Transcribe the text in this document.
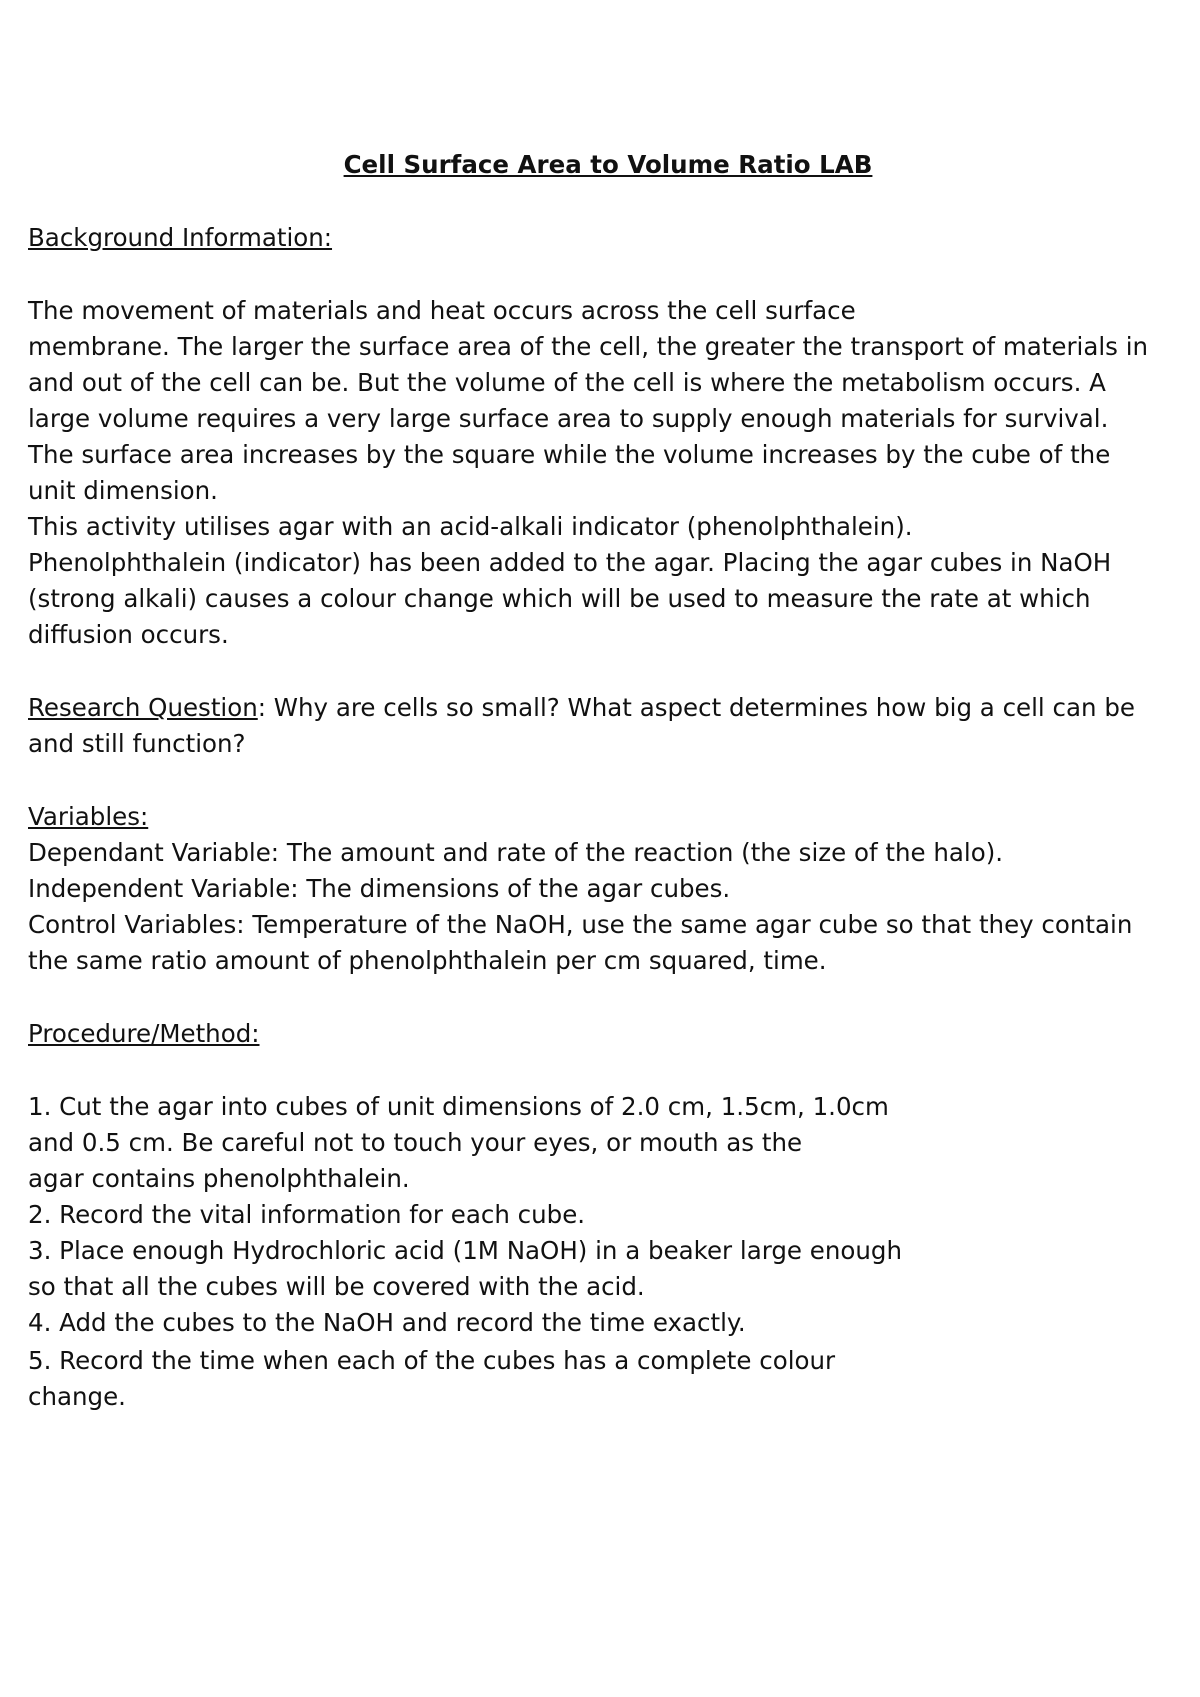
Cell Surface Area to Volume Ratio LAB

Background Information:

The movement of materials and heat occurs across the cell surface

membrane. The larger the surface area of the cell, the greater the transport of materials in

and out of the cell can be. But the volume of the cell is where the metabolism occurs. A

large volume requires a very large surface area to supply enough materials for survival.

The surface area increases by the square while the volume increases by the cube of the

unit dimension.

This activity utilises agar with an acid-alkali indicator (phenolphthalein).

Phenolphthalein (indicator) has been added to the agar. Placing the agar cubes in NaOH

(strong alkali) causes a colour change which will be used to measure the rate at which

diffusion occurs.

Research Question: Why are cells so small? What aspect determines how big a cell can be

and still function?

Variables:

Dependant Variable: The amount and rate of the reaction (the size of the halo).

Independent Variable: The dimensions of the agar cubes.

Control Variables: Temperature of the NaOH, use the same agar cube so that they contain

the same ratio amount of phenolphthalein per cm squared, time.

Procedure/Method:

1. Cut the agar into cubes of unit dimensions of 2.0 cm, 1.5cm, 1.0cm

and 0.5 cm. Be careful not to touch your eyes, or mouth as the

agar contains phenolphthalein.

2. Record the vital information for each cube.

3. Place enough Hydrochloric acid (1M NaOH) in a beaker large enough

so that all the cubes will be covered with the acid.

4. Add the cubes to the NaOH and record the time exactly.

5. Record the time when each of the cubes has a complete colour

change.
